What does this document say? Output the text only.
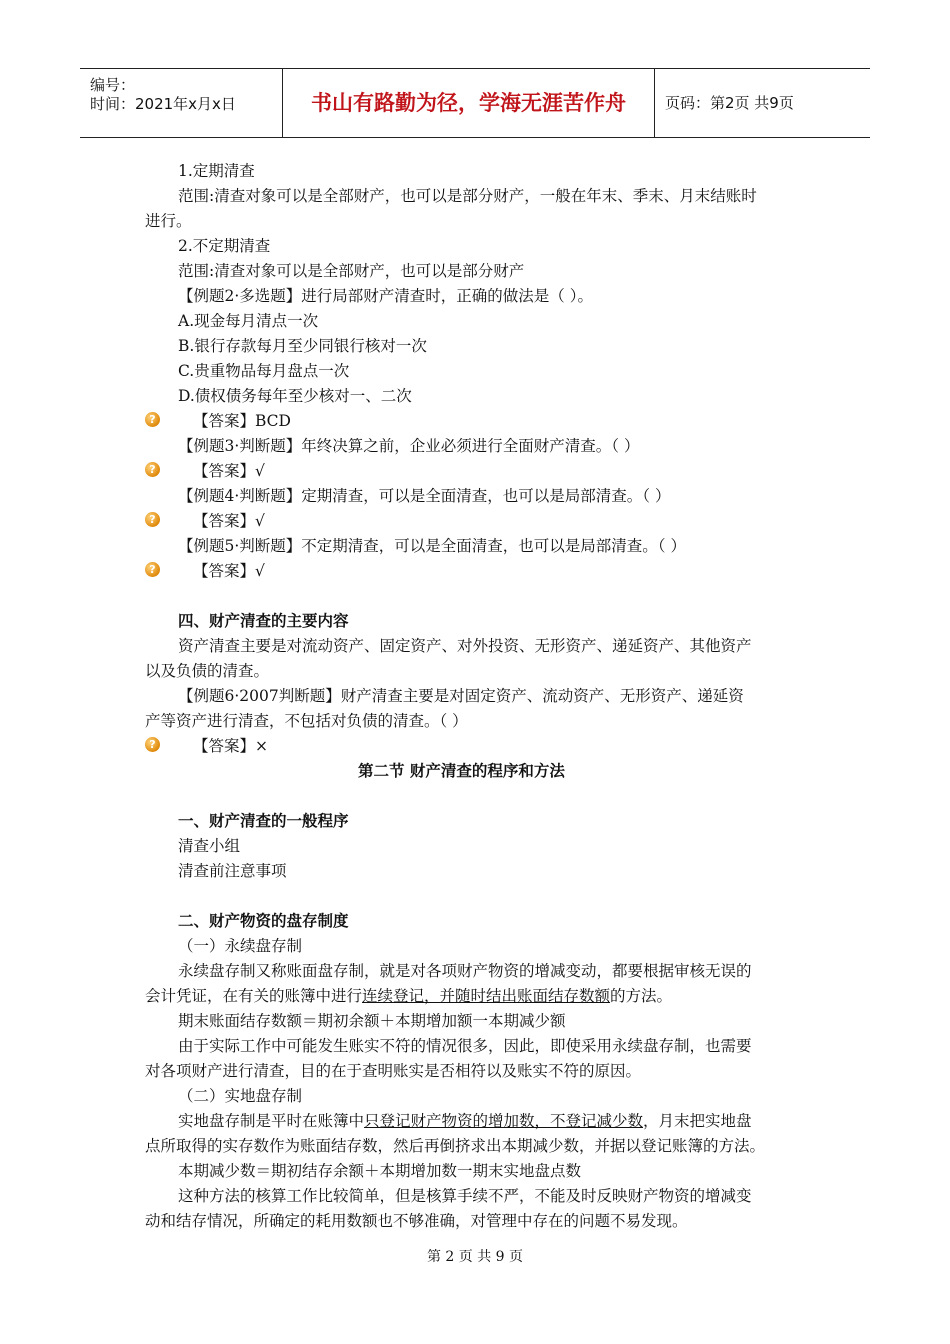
编号：
时间：2021年x月x日	书山有路勤为径，学海无涯苦作舟	页码：第2页 共9页
1.定期清查
范围:清查对象可以是全部财产，也可以是部分财产，一般在年末、季末、月末结账时
进行。
2.不定期清查
范围:清查对象可以是全部财产，也可以是部分财产
【例题2·多选题】进行局部财产清查时，正确的做法是（ ）。
A.现金每月清点一次
B.银行存款每月至少同银行核对一次
C.贵重物品每月盘点一次
D.债权债务每年至少核对一、二次
? 【答案】BCD
【例题3·判断题】年终决算之前，企业必须进行全面财产清查。（ ）
? 【答案】√
【例题4·判断题】定期清查，可以是全面清查，也可以是局部清查。（ ）
? 【答案】√
【例题5·判断题】不定期清查，可以是全面清查，也可以是局部清查。（ ）
? 【答案】√
四、财产清查的主要内容
资产清查主要是对流动资产、固定资产、对外投资、无形资产、递延资产、其他资产
以及负债的清查。
【例题6·2007判断题】财产清查主要是对固定资产、流动资产、无形资产、递延资
产等资产进行清查，不包括对负债的清查。（ ）
? 【答案】×
第二节 财产清查的程序和方法
一、财产清查的一般程序
清查小组
清查前注意事项
二、财产物资的盘存制度
（一）永续盘存制
永续盘存制又称账面盘存制，就是对各项财产物资的增减变动，都要根据审核无误的
会计凭证，在有关的账簿中进行连续登记，并随时结出账面结存数额的方法。
期末账面结存数额＝期初余额＋本期增加额一本期减少额
由于实际工作中可能发生账实不符的情况很多，因此，即使采用永续盘存制，也需要
对各项财产进行清查，目的在于查明账实是否相符以及账实不符的原因。
（二）实地盘存制
实地盘存制是平时在账簿中只登记财产物资的增加数，不登记减少数，月末把实地盘
点所取得的实存数作为账面结存数，然后再倒挤求出本期减少数，并据以登记账簿的方法。
本期减少数＝期初结存余额＋本期增加数一期末实地盘点数
这种方法的核算工作比较简单，但是核算手续不严，不能及时反映财产物资的增减变
动和结存情况，所确定的耗用数额也不够准确，对管理中存在的问题不易发现。
第 2 页 共 9 页
